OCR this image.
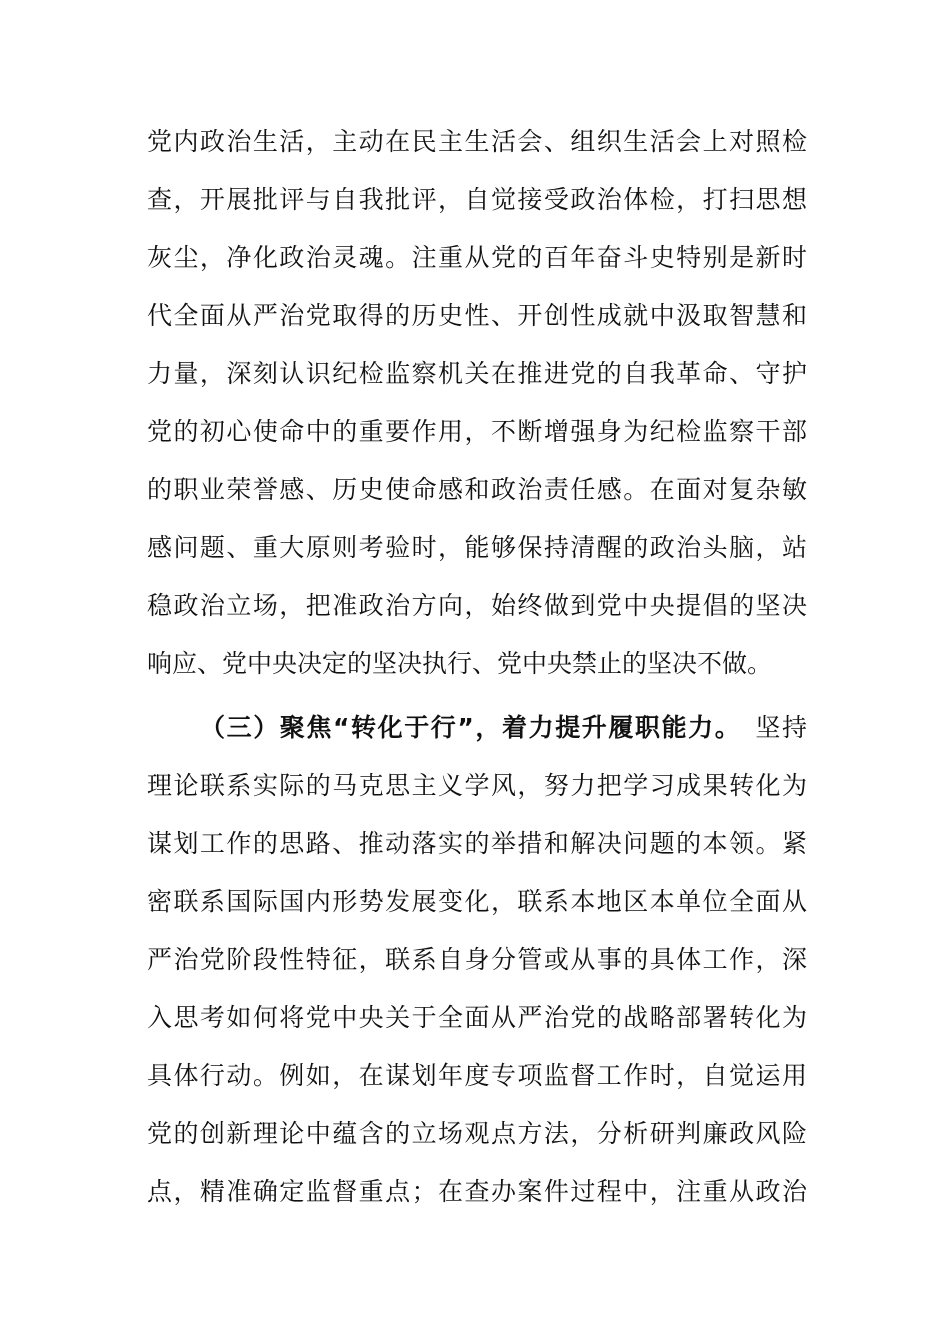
党内政治生活，主动在民主生活会、组织生活会上对照检
查，开展批评与自我批评，自觉接受政治体检，打扫思想
灰尘，净化政治灵魂。注重从党的百年奋斗史特别是新时
代全面从严治党取得的历史性、开创性成就中汲取智慧和
力量，深刻认识纪检监察机关在推进党的自我革命、守护
党的初心使命中的重要作用，不断增强身为纪检监察干部
的职业荣誉感、历史使命感和政治责任感。在面对复杂敏
感问题、重大原则考验时，能够保持清醒的政治头脑，站
稳政治立场，把准政治方向，始终做到党中央提倡的坚决
响应、党中央决定的坚决执行、党中央禁止的坚决不做。
（三）聚焦“转化于行”，着力提升履职能力。 坚持
理论联系实际的马克思主义学风，努力把学习成果转化为
谋划工作的思路、推动落实的举措和解决问题的本领。紧
密联系国际国内形势发展变化，联系本地区本单位全面从
严治党阶段性特征，联系自身分管或从事的具体工作，深
入思考如何将党中央关于全面从严治党的战略部署转化为
具体行动。例如，在谋划年度专项监督工作时，自觉运用
党的创新理论中蕴含的立场观点方法，分析研判廉政风险
点，精准确定监督重点；在查办案件过程中，注重从政治
